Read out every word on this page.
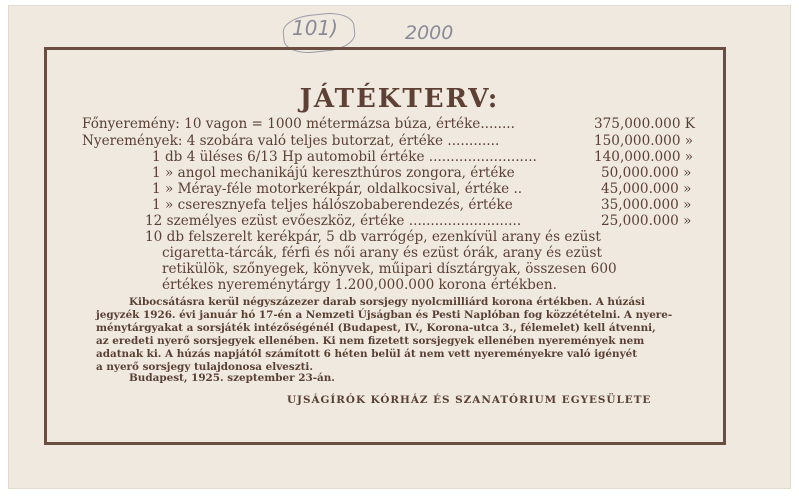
101)	2000
JÁTÉKTERV:
Főnyeremény: 10 vagon = 1000 métermázsa búza, értéke........	375,000.000 K
Nyeremények: 4 szobára való teljes butorzat, értéke ............	150,000.000 »
1 db 4 üléses 6/13 Hp automobil értéke .........................	140,000.000 »
1 » angol mechanikájú kereszthúros zongora, értéke	50,000.000 »
1 » Méray-féle motorkerékpár, oldalkocsival, értéke ..	45,000.000 »
1 » cseresznyefa teljes hálószobaberendezés, értéke	35,000.000 »
12 személyes ezüst evőeszköz, értéke ..........................	25,000.000 »
10 db felszerelt kerékpár, 5 db varrógép, ezenkívül arany és ezüst
cigaretta-tárcák, férfi és női arany és ezüst órák, arany és ezüst
retikülök, szőnyegek, könyvek, műipari dísztárgyak, összesen 600
értékes nyereménytárgy 1.200,000.000 korona értékben.
Kibocsátásra kerül négyszázezer darab sorsjegy nyolcmilliárd korona értékben. A húzási
jegyzék 1926. évi január hó 17-én a Nemzeti Újságban és Pesti Naplóban fog közzétételni. A nyere-
ménytárgyakat a sorsjáték intézőségénél (Budapest, IV., Korona-utca 3., félemelet) kell átvenni,
az eredeti nyerő sorsjegyek ellenében. Ki nem fizetett sorsjegyek ellenében nyeremények nem
adatnak ki. A húzás napjától számított 6 héten belül át nem vett nyereményekre való igényét
a nyerő sorsjegy tulajdonosa elveszti.
Budapest, 1925. szeptember 23-án.
UJSÁGÍRÓK KÓRHÁZ ÉS SZANATÓRIUM EGYESÜLETE
